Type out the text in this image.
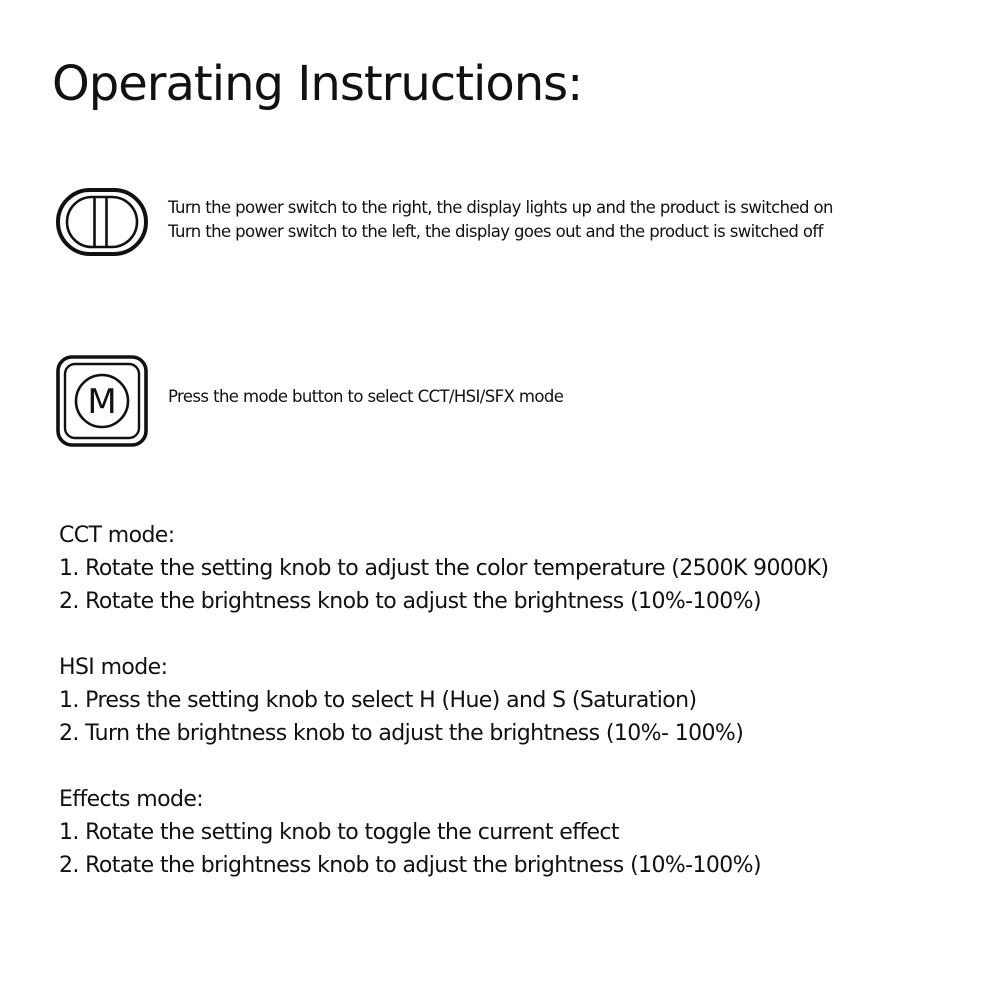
Operating Instructions:
Turn the power switch to the right, the display lights up and the product is switched on
Turn the power switch to the left, the display goes out and the product is switched off
M	Press the mode button to select CCT/HSI/SFX mode
CCT mode:
1. Rotate the setting knob to adjust the color temperature (2500K 9000K)
2. Rotate the brightness knob to adjust the brightness (10%-100%)
HSI mode:
1. Press the setting knob to select H (Hue) and S (Saturation)
2. Turn the brightness knob to adjust the brightness (10%- 100%)
Effects mode:
1. Rotate the setting knob to toggle the current effect
2. Rotate the brightness knob to adjust the brightness (10%-100%)
